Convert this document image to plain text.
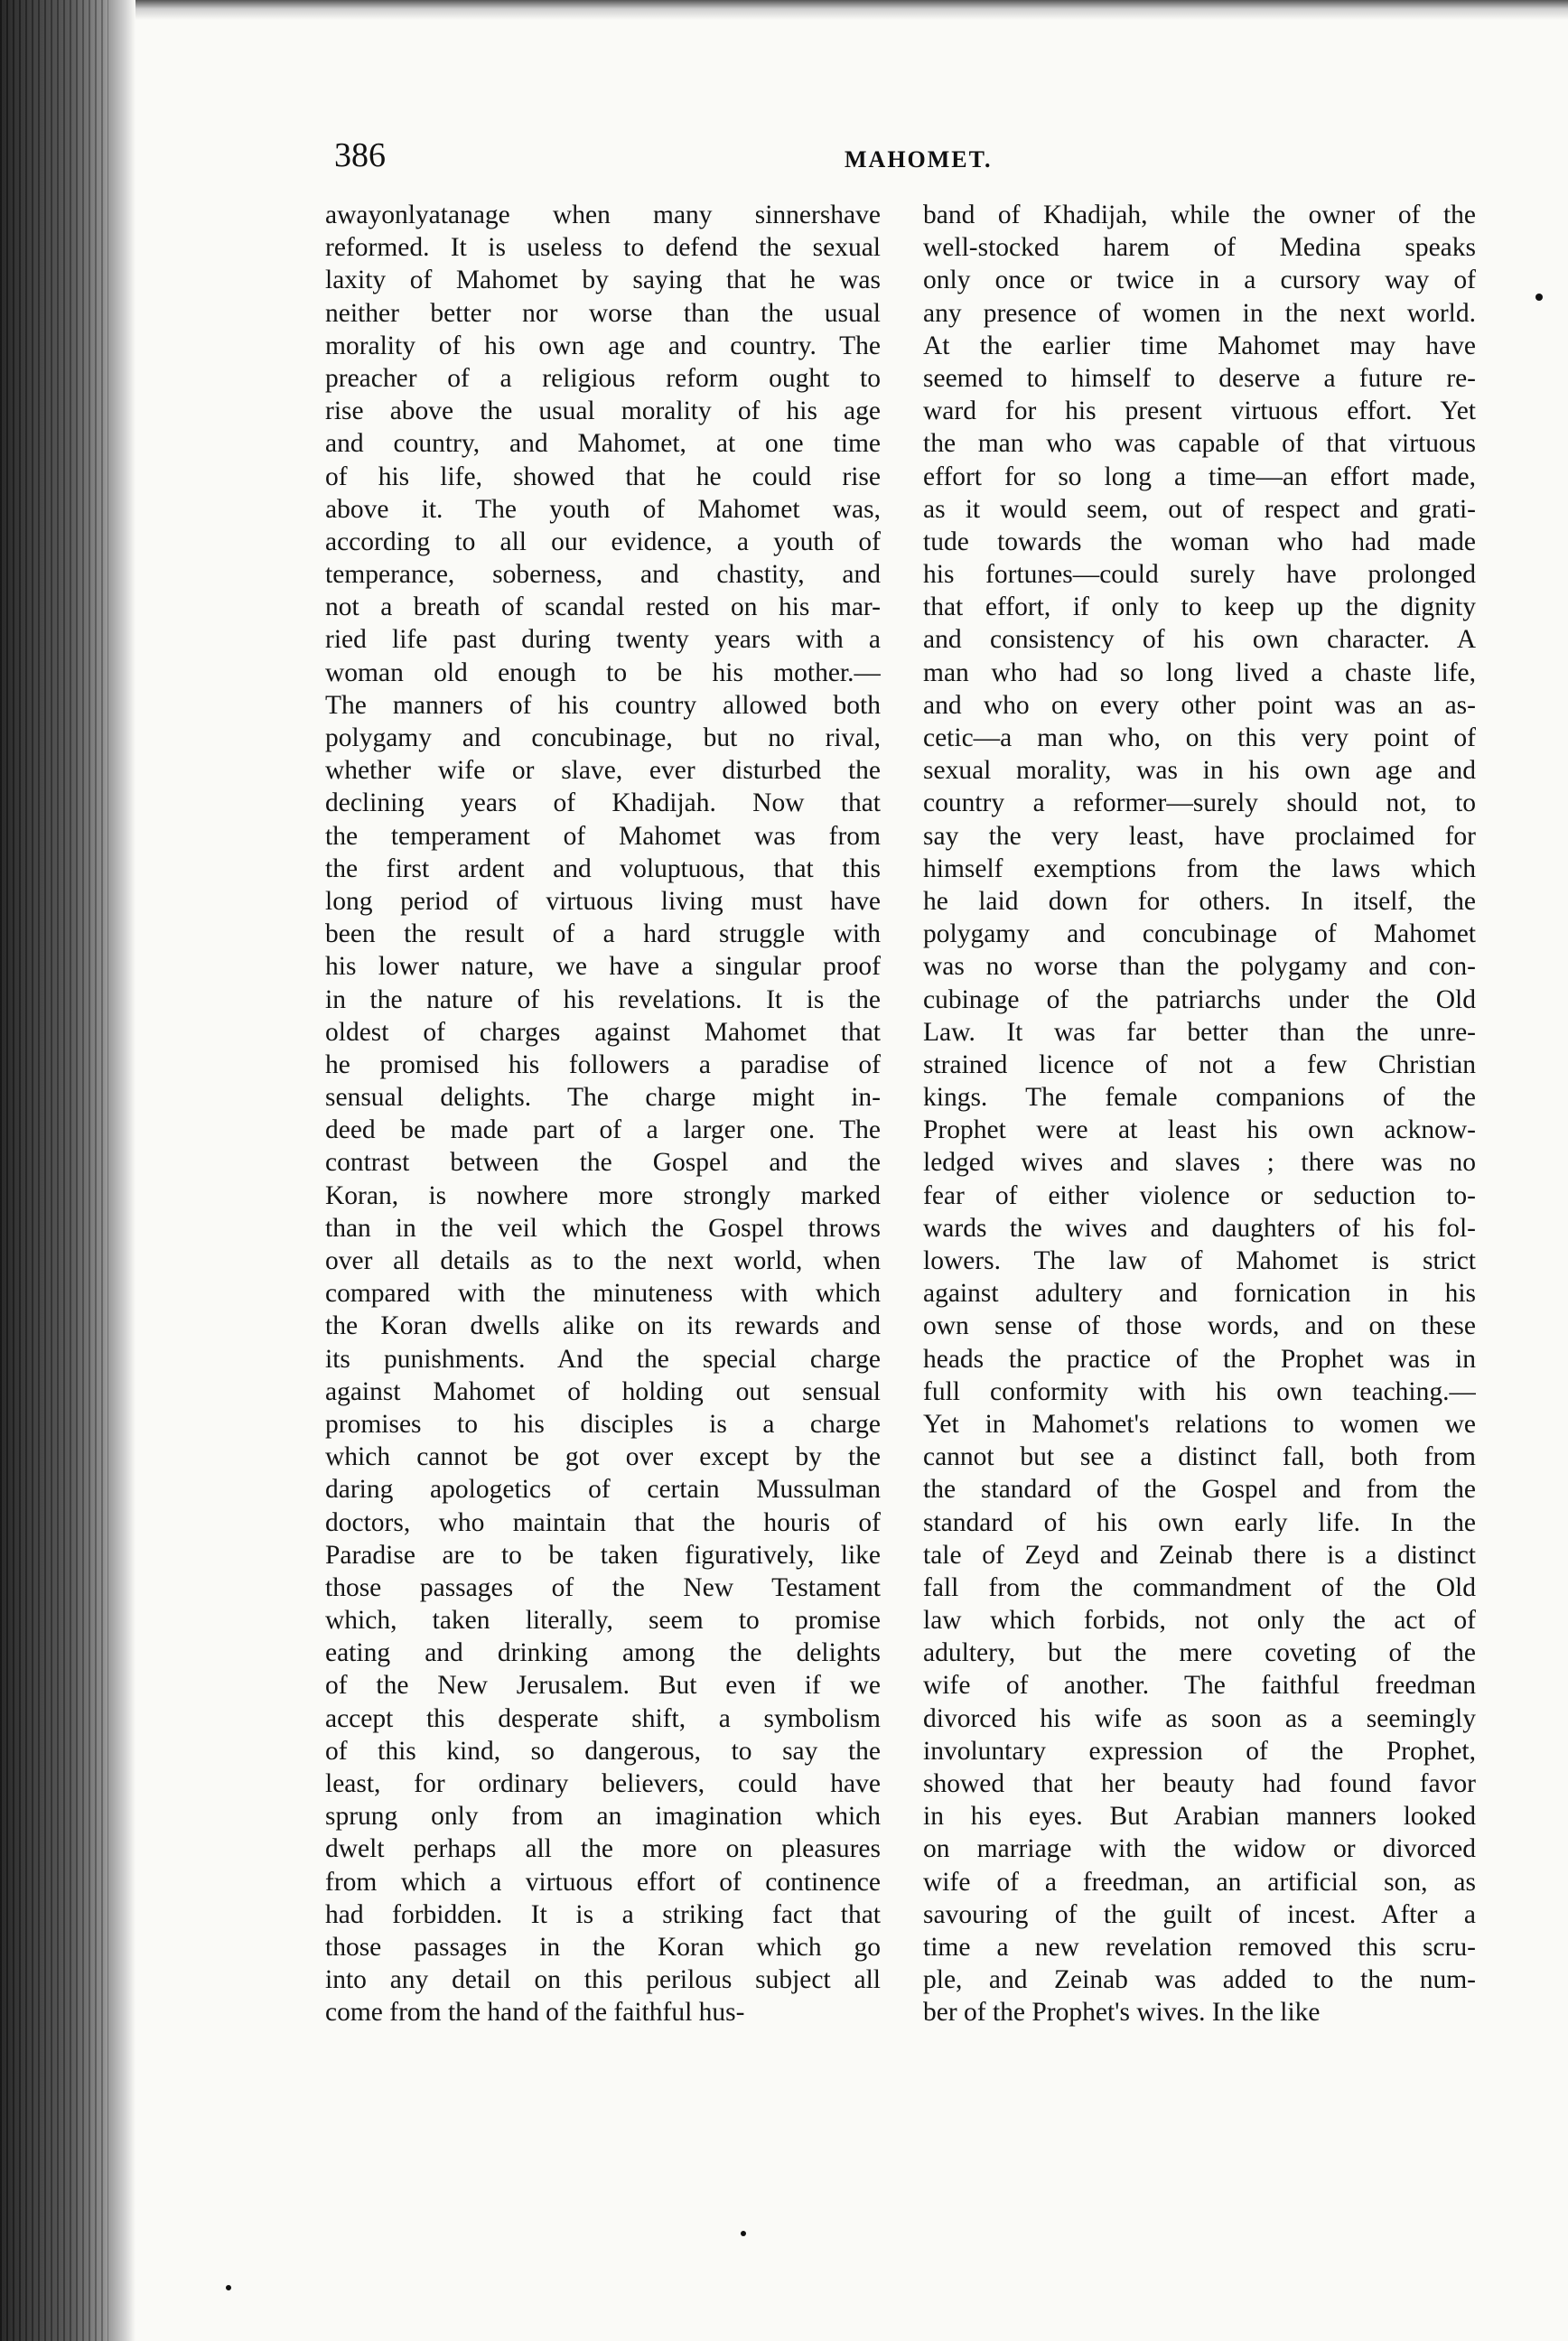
386	MAHOMET.
awayonlyatanage when many sinnershave
reformed. It is useless to defend the sexual
laxity of Mahomet by saying that he was
neither better nor worse than the usual
morality of his own age and country. The
preacher of a religious reform ought to
rise above the usual morality of his age
and country, and Mahomet, at one time
of his life, showed that he could rise
above it. The youth of Mahomet was,
according to all our evidence, a youth of
temperance, soberness, and chastity, and
not a breath of scandal rested on his mar-
ried life past during twenty years with a
woman old enough to be his mother.—
The manners of his country allowed both
polygamy and concubinage, but no rival,
whether wife or slave, ever disturbed the
declining years of Khadijah. Now that
the temperament of Mahomet was from
the first ardent and voluptuous, that this
long period of virtuous living must have
been the result of a hard struggle with
his lower nature, we have a singular proof
in the nature of his revelations. It is the
oldest of charges against Mahomet that
he promised his followers a paradise of
sensual delights. The charge might in-
deed be made part of a larger one. The
contrast between the Gospel and the
Koran, is nowhere more strongly marked
than in the veil which the Gospel throws
over all details as to the next world, when
compared with the minuteness with which
the Koran dwells alike on its rewards and
its punishments. And the special charge
against Mahomet of holding out sensual
promises to his disciples is a charge
which cannot be got over except by the
daring apologetics of certain Mussulman
doctors, who maintain that the houris of
Paradise are to be taken figuratively, like
those passages of the New Testament
which, taken literally, seem to promise
eating and drinking among the delights
of the New Jerusalem. But even if we
accept this desperate shift, a symbolism
of this kind, so dangerous, to say the
least, for ordinary believers, could have
sprung only from an imagination which
dwelt perhaps all the more on pleasures
from which a virtuous effort of continence
had forbidden. It is a striking fact that
those passages in the Koran which go
into any detail on this perilous subject all
come from the hand of the faithful hus-
band of Khadijah, while the owner of the
well-stocked harem of Medina speaks
only once or twice in a cursory way of
any presence of women in the next world.
At the earlier time Mahomet may have
seemed to himself to deserve a future re-
ward for his present virtuous effort. Yet
the man who was capable of that virtuous
effort for so long a time—an effort made,
as it would seem, out of respect and grati-
tude towards the woman who had made
his fortunes—could surely have prolonged
that effort, if only to keep up the dignity
and consistency of his own character. A
man who had so long lived a chaste life,
and who on every other point was an as-
cetic—a man who, on this very point of
sexual morality, was in his own age and
country a reformer—surely should not, to
say the very least, have proclaimed for
himself exemptions from the laws which
he laid down for others. In itself, the
polygamy and concubinage of Mahomet
was no worse than the polygamy and con-
cubinage of the patriarchs under the Old
Law. It was far better than the unre-
strained licence of not a few Christian
kings. The female companions of the
Prophet were at least his own acknow-
ledged wives and slaves ; there was no
fear of either violence or seduction to-
wards the wives and daughters of his fol-
lowers. The law of Mahomet is strict
against adultery and fornication in his
own sense of those words, and on these
heads the practice of the Prophet was in
full conformity with his own teaching.—
Yet in Mahomet's relations to women we
cannot but see a distinct fall, both from
the standard of the Gospel and from the
standard of his own early life. In the
tale of Zeyd and Zeinab there is a distinct
fall from the commandment of the Old
law which forbids, not only the act of
adultery, but the mere coveting of the
wife of another. The faithful freedman
divorced his wife as soon as a seemingly
involuntary expression of the Prophet,
showed that her beauty had found favor
in his eyes. But Arabian manners looked
on marriage with the widow or divorced
wife of a freedman, an artificial son, as
savouring of the guilt of incest. After a
time a new revelation removed this scru-
ple, and Zeinab was added to the num-
ber of the Prophet's wives. In the like
